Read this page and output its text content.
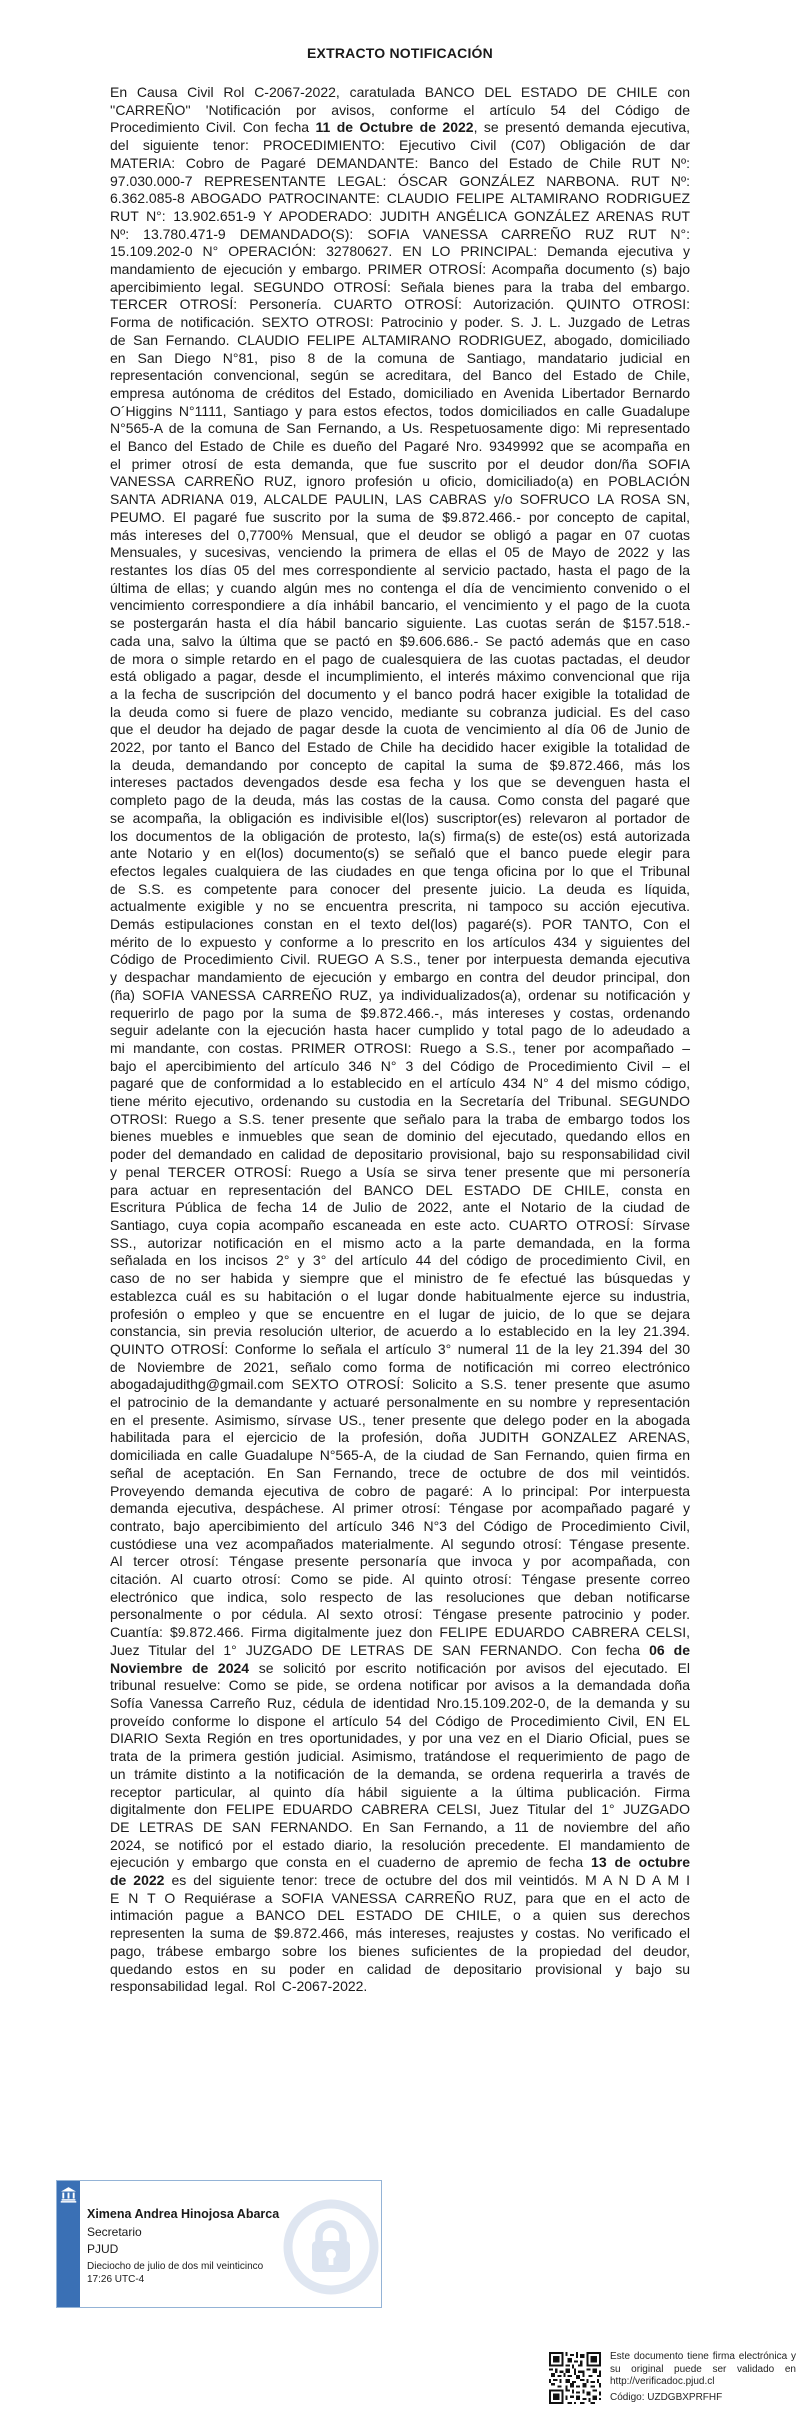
EXTRACTO NOTIFICACIÓN

En Causa Civil Rol C-2067-2022, caratulada BANCO DEL ESTADO DE CHILE con ''CARREÑO'' 'Notificación por avisos, conforme el artículo 54 del Código de Procedimiento Civil. Con fecha 11 de Octubre de 2022, se presentó demanda ejecutiva, del siguiente tenor: PROCEDIMIENTO: Ejecutivo Civil (C07) Obligación de dar MATERIA: Cobro de Pagaré DEMANDANTE: Banco del Estado de Chile RUT Nº: 97.030.000-7 REPRESENTANTE LEGAL: ÓSCAR GONZÁLEZ NARBONA. RUT Nº: 6.362.085-8 ABOGADO PATROCINANTE: CLAUDIO FELIPE ALTAMIRANO RODRIGUEZ RUT N°: 13.902.651-9 Y APODERADO: JUDITH ANGÉLICA GONZÁLEZ ARENAS RUT Nº: 13.780.471-9 DEMANDADO(S): SOFIA VANESSA CARREÑO RUZ RUT N°: 15.109.202-0 N° OPERACIÓN: 32780627. EN LO PRINCIPAL: Demanda ejecutiva y mandamiento de ejecución y embargo. PRIMER OTROSÍ: Acompaña documento (s) bajo apercibimiento legal. SEGUNDO OTROSÍ: Señala bienes para la traba del embargo. TERCER OTROSÍ: Personería. CUARTO OTROSÍ: Autorización. QUINTO OTROSI: Forma de notificación. SEXTO OTROSI: Patrocinio y poder. S. J. L. Juzgado de Letras de San Fernando. CLAUDIO FELIPE ALTAMIRANO RODRIGUEZ, abogado, domiciliado en San Diego N°81, piso 8 de la comuna de Santiago, mandatario judicial en representación convencional, según se acreditara, del Banco del Estado de Chile, empresa autónoma de créditos del Estado, domiciliado en Avenida Libertador Bernardo O´Higgins N°1111, Santiago y para estos efectos, todos domiciliados en calle Guadalupe N°565-A de la comuna de San Fernando, a Us. Respetuosamente digo: Mi representado el Banco del Estado de Chile es dueño del Pagaré Nro. 9349992 que se acompaña en el primer otrosí de esta demanda, que fue suscrito por el deudor don/ña SOFIA VANESSA CARREÑO RUZ, ignoro profesión u oficio, domiciliado(a) en POBLACIÓN SANTA ADRIANA 019, ALCALDE PAULIN, LAS CABRAS y/o SOFRUCO LA ROSA SN, PEUMO. El pagaré fue suscrito por la suma de $9.872.466.- por concepto de capital, más intereses del 0,7700% Mensual, que el deudor se obligó a pagar en 07 cuotas Mensuales, y sucesivas, venciendo la primera de ellas el 05 de Mayo de 2022 y las restantes los días 05 del mes correspondiente al servicio pactado, hasta el pago de la última de ellas; y cuando algún mes no contenga el día de vencimiento convenido o el vencimiento correspondiere a día inhábil bancario, el vencimiento y el pago de la cuota se postergarán hasta el día hábil bancario siguiente. Las cuotas serán de $157.518.- cada una, salvo la última que se pactó en $9.606.686.- Se pactó además que en caso de mora o simple retardo en el pago de cualesquiera de las cuotas pactadas, el deudor está obligado a pagar, desde el incumplimiento, el interés máximo convencional que rija a la fecha de suscripción del documento y el banco podrá hacer exigible la totalidad de la deuda como si fuere de plazo vencido, mediante su cobranza judicial. Es del caso que el deudor ha dejado de pagar desde la cuota de vencimiento al día 06 de Junio de 2022, por tanto el Banco del Estado de Chile ha decidido hacer exigible la totalidad de la deuda, demandando por concepto de capital la suma de $9.872.466, más los intereses pactados devengados desde esa fecha y los que se devenguen hasta el completo pago de la deuda, más las costas de la causa. Como consta del pagaré que se acompaña, la obligación es indivisible el(los) suscriptor(es) relevaron al portador de los documentos de la obligación de protesto, la(s) firma(s) de este(os) está autorizada ante Notario y en el(los) documento(s) se señaló que el banco puede elegir para efectos legales cualquiera de las ciudades en que tenga oficina por lo que el Tribunal de S.S. es competente para conocer del presente juicio. La deuda es líquida, actualmente exigible y no se encuentra prescrita, ni tampoco su acción ejecutiva. Demás estipulaciones constan en el texto del(los) pagaré(s). POR TANTO, Con el mérito de lo expuesto y conforme a lo prescrito en los artículos 434 y siguientes del Código de Procedimiento Civil. RUEGO A S.S., tener por interpuesta demanda ejecutiva y despachar mandamiento de ejecución y embargo en contra del deudor principal, don (ña) SOFIA VANESSA CARREÑO RUZ, ya individualizados(a), ordenar su notificación y requerirlo de pago por la suma de $9.872.466.-, más intereses y costas, ordenando seguir adelante con la ejecución hasta hacer cumplido y total pago de lo adeudado a mi mandante, con costas. PRIMER OTROSI: Ruego a S.S., tener por acompañado –bajo el apercibimiento del artículo 346 N° 3 del Código de Procedimiento Civil – el pagaré que de conformidad a lo establecido en el artículo 434 N° 4 del mismo código, tiene mérito ejecutivo, ordenando su custodia en la Secretaría del Tribunal. SEGUNDO OTROSI: Ruego a S.S. tener presente que señalo para la traba de embargo todos los bienes muebles e inmuebles que sean de dominio del ejecutado, quedando ellos en poder del demandado en calidad de depositario provisional, bajo su responsabilidad civil y penal TERCER OTROSÍ: Ruego a Usía se sirva tener presente que mi personería para actuar en representación del BANCO DEL ESTADO DE CHILE, consta en Escritura Pública de fecha 14 de Julio de 2022, ante el Notario de la ciudad de Santiago, cuya copia acompaño escaneada en este acto. CUARTO OTROSÍ: Sírvase SS., autorizar notificación en el mismo acto a la parte demandada, en la forma señalada en los incisos 2° y 3° del artículo 44 del código de procedimiento Civil, en caso de no ser habida y siempre que el ministro de fe efectué las búsquedas y establezca cuál es su habitación o el lugar donde habitualmente ejerce su industria, profesión o empleo y que se encuentre en el lugar de juicio, de lo que se dejara constancia, sin previa resolución ulterior, de acuerdo a lo establecido en la ley 21.394. QUINTO OTROSÍ: Conforme lo señala el artículo 3° numeral 11 de la ley 21.394 del 30 de Noviembre de 2021, señalo como forma de notificación mi correo electrónico abogadajudithg@gmail.com SEXTO OTROSÍ: Solicito a S.S. tener presente que asumo el patrocinio de la demandante y actuaré personalmente en su nombre y representación en el presente. Asimismo, sírvase US., tener presente que delego poder en la abogada habilitada para el ejercicio de la profesión, doña JUDITH GONZALEZ ARENAS, domiciliada en calle Guadalupe N°565-A, de la ciudad de San Fernando, quien firma en señal de aceptación. En San Fernando, trece de octubre de dos mil veintidós. Proveyendo demanda ejecutiva de cobro de pagaré: A lo principal: Por interpuesta demanda ejecutiva, despáchese. Al primer otrosí: Téngase por acompañado pagaré y contrato, bajo apercibimiento del artículo 346 N°3 del Código de Procedimiento Civil, custódiese una vez acompañados materialmente. Al segundo otrosí: Téngase presente. Al tercer otrosí: Téngase presente personaría que invoca y por acompañada, con citación. Al cuarto otrosí: Como se pide. Al quinto otrosí: Téngase presente correo electrónico que indica, solo respecto de las resoluciones que deban notificarse personalmente o por cédula. Al sexto otrosí: Téngase presente patrocinio y poder. Cuantía: $9.872.466. Firma digitalmente juez don FELIPE EDUARDO CABRERA CELSI, Juez Titular del 1° JUZGADO DE LETRAS DE SAN FERNANDO. Con fecha 06 de Noviembre de 2024 se solicitó por escrito notificación por avisos del ejecutado. El tribunal resuelve: Como se pide, se ordena notificar por avisos a la demandada doña Sofía Vanessa Carreño Ruz, cédula de identidad Nro.15.109.202-0, de la demanda y su proveído conforme lo dispone el artículo 54 del Código de Procedimiento Civil, EN EL DIARIO Sexta Región en tres oportunidades, y por una vez en el Diario Oficial, pues se trata de la primera gestión judicial. Asimismo, tratándose el requerimiento de pago de un trámite distinto a la notificación de la demanda, se ordena requerirla a través de receptor particular, al quinto día hábil siguiente a la última publicación. Firma digitalmente don FELIPE EDUARDO CABRERA CELSI, Juez Titular del 1° JUZGADO DE LETRAS DE SAN FERNANDO. En San Fernando, a 11 de noviembre del año 2024, se notificó por el estado diario, la resolución precedente. El mandamiento de ejecución y embargo que consta en el cuaderno de apremio de fecha 13 de octubre de 2022 es del siguiente tenor: trece de octubre del dos mil veintidós. M A N D A M I E N T O Requiérase a SOFIA VANESSA CARREÑO RUZ, para que en el acto de intimación pague a BANCO DEL ESTADO DE CHILE, o a quien sus derechos representen la suma de $9.872.466, más intereses, reajustes y costas. No verificado el pago, trábese embargo sobre los bienes suficientes de la propiedad del deudor, quedando estos en su poder en calidad de depositario provisional y bajo su responsabilidad legal. Rol C-2067-2022.

Ximena Andrea Hinojosa Abarca
Secretario
PJUD
Dieciocho de julio de dos mil veinticinco
17:26 UTC-4

Este documento tiene firma electrónica y su original puede ser validado en http://verificadoc.pjud.cl

Código: UZDGBXPRFHF
